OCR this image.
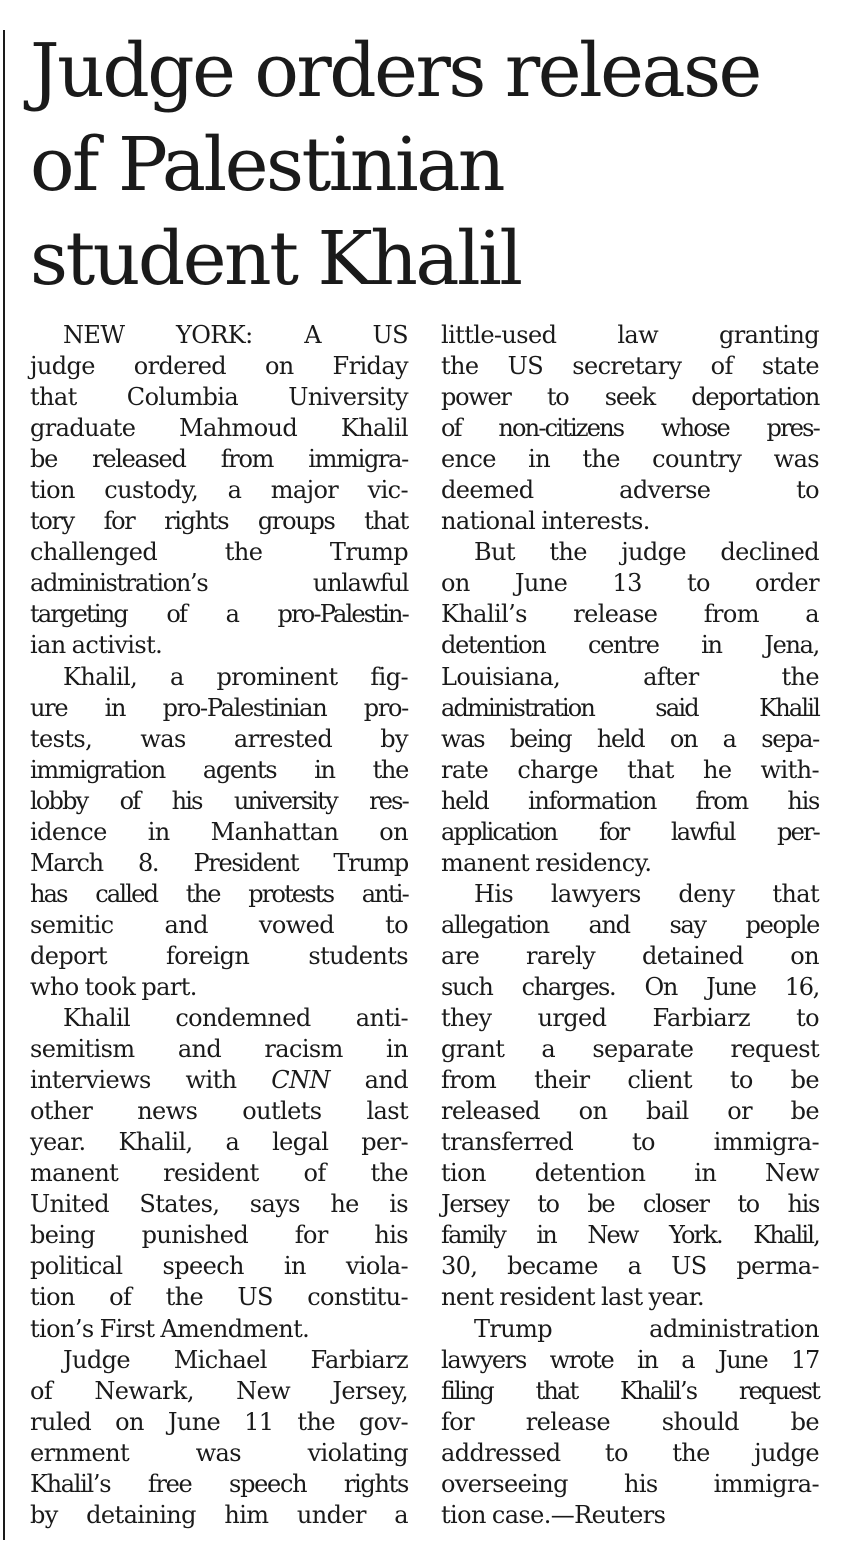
Judge orders release
of Palestinian
student Khalil
NEW YORK: A US
judge ordered on Friday
that Columbia University
graduate Mahmoud Khalil
be released from immigra-
tion custody, a major vic-
tory for rights groups that
challenged the Trump
administration’s unlawful
targeting of a pro-Palestin-
ian activist.
Khalil, a prominent fig-
ure in pro-Palestinian pro-
tests, was arrested by
immigration agents in the
lobby of his university res-
idence in Manhattan on
March 8. President Trump
has called the protests anti-
semitic and vowed to
deport foreign students
who took part.
Khalil condemned anti-
semitism and racism in
interviews with CNN and
other news outlets last
year. Khalil, a legal per-
manent resident of the
United States, says he is
being punished for his
political speech in viola-
tion of the US constitu-
tion’s First Amendment.
Judge Michael Farbiarz
of Newark, New Jersey,
ruled on June 11 the gov-
ernment was violating
Khalil’s free speech rights
by detaining him under a
little-used law granting
the US secretary of state
power to seek deportation
of non-citizens whose pres-
ence in the country was
deemed adverse to
national interests.
But the judge declined
on June 13 to order
Khalil’s release from a
detention centre in Jena,
Louisiana, after the
administration said Khalil
was being held on a sepa-
rate charge that he with-
held information from his
application for lawful per-
manent residency.
His lawyers deny that
allegation and say people
are rarely detained on
such charges. On June 16,
they urged Farbiarz to
grant a separate request
from their client to be
released on bail or be
transferred to immigra-
tion detention in New
Jersey to be closer to his
family in New York. Khalil,
30, became a US perma-
nent resident last year.
Trump administration
lawyers wrote in a June 17
filing that Khalil’s request
for release should be
addressed to the judge
overseeing his immigra-
tion case.—Reuters
